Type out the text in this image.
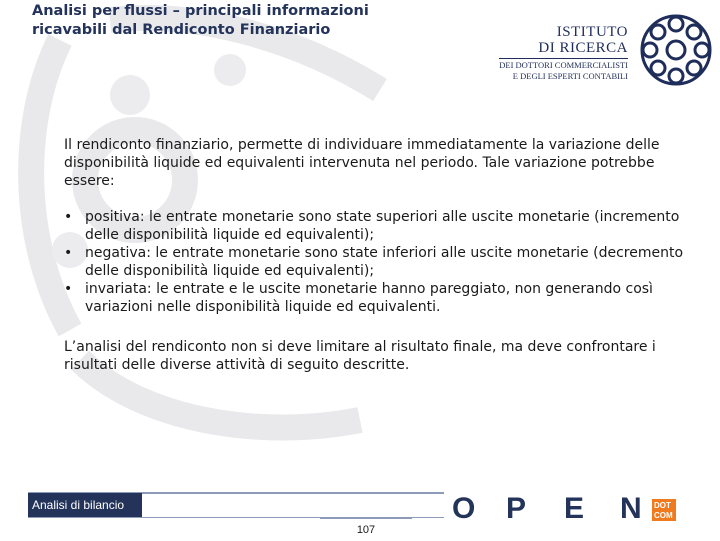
Analisi per flussi – principali informazioni
ricavabili dal Rendiconto Finanziario	ISTITUTO
DI RICERCA
DEI DOTTORI COMMERCIALISTI
E DEGLI ESPERTI CONTABILI

Il rendiconto finanziario, permette di individuare immediatamente la variazione delle disponibilità liquide ed equivalenti intervenuta nel periodo. Tale variazione potrebbe essere:

• positiva: le entrate monetarie sono state superiori alle uscite monetarie (incremento delle disponibilità liquide ed equivalenti);
• negativa: le entrate monetarie sono state inferiori alle uscite monetarie (decremento delle disponibilità liquide ed equivalenti);
• invariata: le entrate e le uscite monetarie hanno pareggiato, non generando così variazioni nelle disponibilità liquide ed equivalenti.

L’analisi del rendiconto non si deve limitare al risultato finale, ma deve confrontare i risultati delle diverse attività di seguito descritte.

Analisi di bilancio	O P E N DOT
COM
107
